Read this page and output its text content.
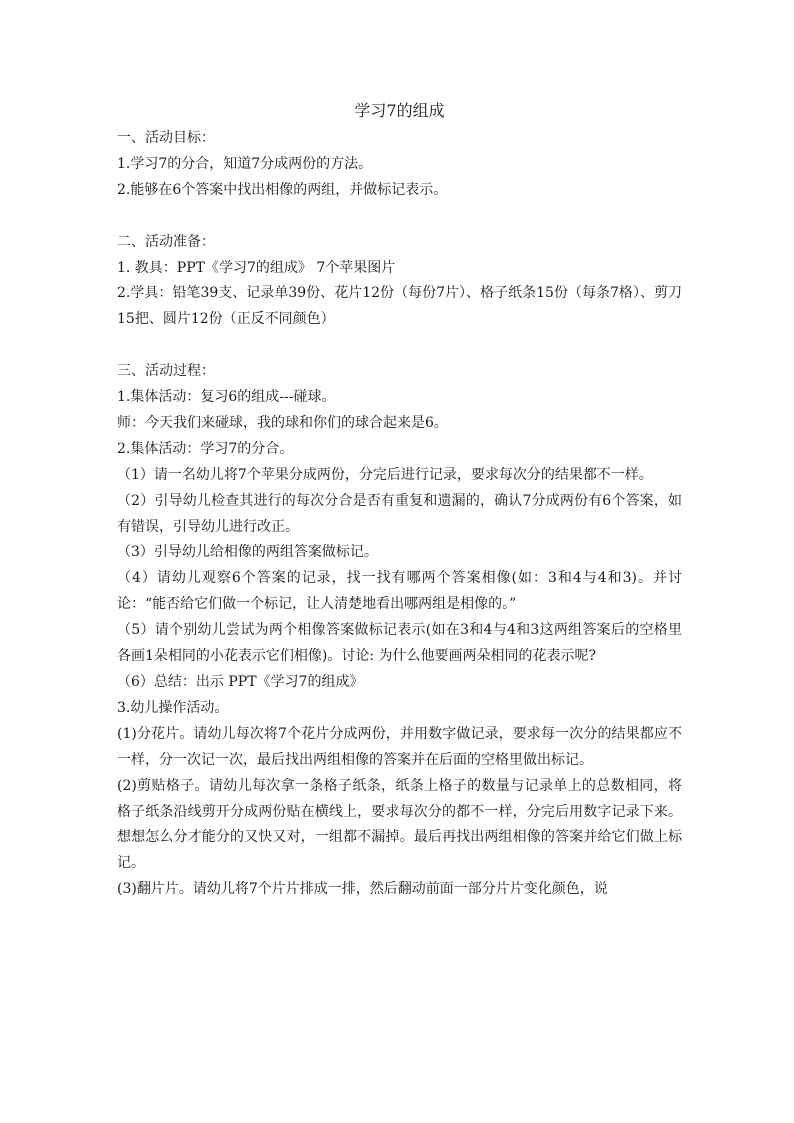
学习7的组成

一、活动目标：

1.学习7的分合，知道7分成两份的方法。

2.能够在6个答案中找出相像的两组，并做标记表示。

二、活动准备：

1. 教具：PPT《学习7的组成》 7个苹果图片

2.学具：铅笔39支、记录单39份、花片12份（每份7片）、格子纸条15份（每条7格）、剪刀15把、圆片12份（正反不同颜色）

三、活动过程：

1.集体活动：复习6的组成---碰球。

师：今天我们来碰球，我的球和你们的球合起来是6。

2.集体活动：学习7的分合。

（1）请一名幼儿将7个苹果分成两份，分完后进行记录，要求每次分的结果都不一样。

（2）引导幼儿检查其进行的每次分合是否有重复和遗漏的，确认7分成两份有6个答案，如有错误，引导幼儿进行改正。

（3）引导幼儿给相像的两组答案做标记。

（4）请幼儿观察6个答案的记录，找一找有哪两个答案相像(如：3和4与4和3)。并讨论：“能否给它们做一个标记，让人清楚地看出哪两组是相像的。”

（5）请个别幼儿尝试为两个相像答案做标记表示(如在3和4与4和3这两组答案后的空格里各画1朵相同的小花表示它们相像)。讨论: 为什么他要画两朵相同的花表示呢?

（6）总结：出示 PPT《学习7的组成》

3.幼儿操作活动。

(1)分花片。请幼儿每次将7个花片分成两份，并用数字做记录，要求每一次分的结果都应不一样，分一次记一次，最后找出两组相像的答案并在后面的空格里做出标记。

(2)剪贴格子。请幼儿每次拿一条格子纸条，纸条上格子的数量与记录单上的总数相同，将格子纸条沿线剪开分成两份贴在横线上，要求每次分的都不一样，分完后用数字记录下来。想想怎么分才能分的又快又对，一组都不漏掉。最后再找出两组相像的答案并给它们做上标记。

(3)翻片片。请幼儿将7个片片排成一排，然后翻动前面一部分片片变化颜色，说
